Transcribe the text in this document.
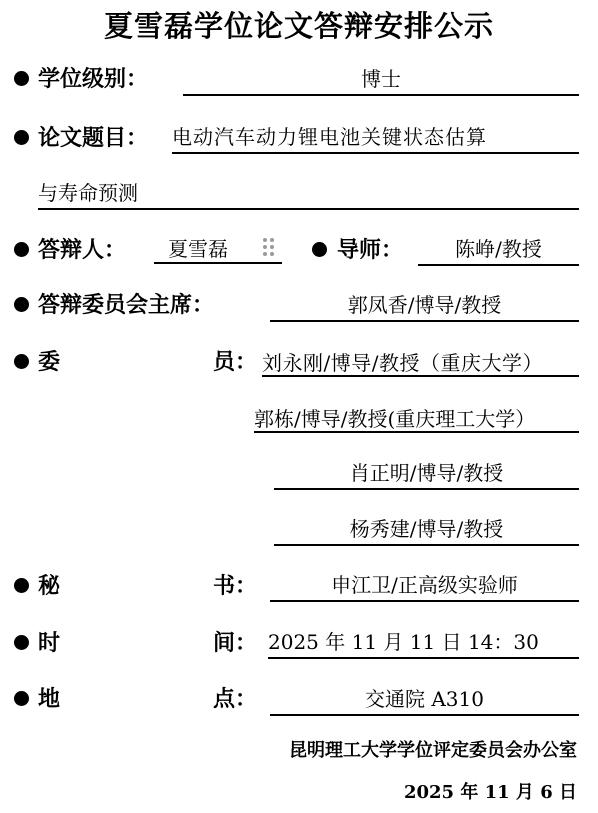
夏雪磊学位论文答辩安排公示
学位级别：	博士
论文题目： 电动汽车动力锂电池关键状态估算
与寿命预测
答辩人：	夏雪磊	导师：	陈峥/教授
答辩委员会主席：	郭凤香/博导/教授
委	员： 刘永刚/博导/教授（重庆大学）
郭栋/博导/教授(重庆理工大学）
肖正明/博导/教授
杨秀建/博导/教授
秘	书：	申江卫/正高级实验师
时	间： 2025 年 11 月 11 日 14：30
地	点：	交通院 A310
昆明理工大学学位评定委员会办公室
2025 年 11 月 6 日
